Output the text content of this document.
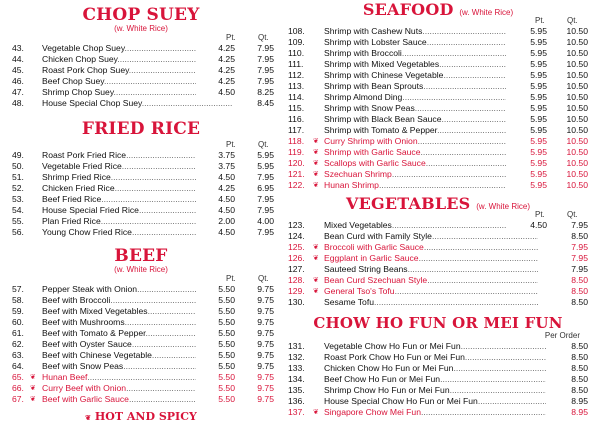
CHOP SUEY
(w. White Rice)
Pt.	Qt.
43.	Vegetable Chop Suey .....	4.25	7.95
44.	Chicken Chop Suey .....	4.25	7.95
45.	Roast Pork Chop Suey .....	4.25	7.95
46.	Beef Chop Suey .....	4.25	7.95
47.	Shrimp Chop Suey .....	4.50	8.25
48.	House Special Chop Suey .....	8.45
FRIED RICE
Pt.	Qt.
49.	Roast Pork Fried Rice .....	3.75	5.95
50.	Vegetable Fried Rice .....	3.75	5.95
51.	Shrimp Fried Rice .....	4.50	7.95
52.	Chicken Fried Rice .....	4.25	6.95
53.	Beef Fried Rice .....	4.50	7.95
54.	House Special Fried Rice .....	4.50	7.95
55.	Plan Fried Rice .....	2.00	4.00
56.	Young Chow Fried Rice .....	4.50	7.95
BEEF
(w. White Rice)
Pt.	Qt.
57.	Pepper Steak with Onion .....	5.50	9.75
58.	Beef with Broccoli .....	5.50	9.75
59.	Beef with Mixed Vegetables .....	5.50	9.75
60.	Beef with Mushrooms .....	5.50	9.75
61.	Beef with Tomato & Pepper .....	5.50	9.75
62.	Beef with Oyster Sauce .....	5.50	9.75
63.	Beef with Chinese Vegetable .....	5.50	9.75
64.	Beef with Snow Peas .....	5.50	9.75
65. ❦ Hunan Beef .....	5.50	9.75
66. ❦ Curry Beef with Onion .....	5.50	9.75
67. ❦ Beef with Garlic Sauce .....	5.50	9.75
❦ HOT AND SPICY
SEAFOOD (w. White Rice)
Pt.	Qt.
108.	Shrimp with Cashew Nuts .....	5.95	10.50
109.	Shrimp with Lobster Sauce .....	5.95	10.50
110.	Shrimp with Broccoli .....	5.95	10.50
111.	Shrimp with Mixed Vegetables .....	5.95	10.50
112.	Shrimp with Chinese Vegetable .....	5.95	10.50
113.	Shrimp with Bean Sprouts .....	5.95	10.50
114.	Shrimp Almond Ding .....	5.95	10.50
115.	Shrimp with Snow Peas .....	5.95	10.50
116.	Shrimp with Black Bean Sauce .....	5.95	10.50
117.	Shrimp with Tomato & Pepper .....	5.95	10.50
118.	❦ Curry Shrimp with Onion .....	5.95	10.50
119.	❦ Shrimp with Garlic Sauce .....	5.95	10.50
120.	❦ Scallops with Garlic Sauce .....	5.95	10.50
121.	❦ Szechuan Shrimp .....	5.95	10.50
122.	❦ Hunan Shrimp .....	5.95	10.50
VEGETABLES (w. White Rice)
Pt.	Qt.
123.	Mixed Vegetables .....	4.50	7.95
124.	Bean Curd with Family Style .....	8.50
125.	❦ Broccoli with Garlic Sauce .....	7.95
126.	❦ Eggplant in Garlic Sauce .....	7.95
127.	Sauteed String Beans .....	7.95
128.	❦ Bean Curd Szechuan Style .....	8.50
129.	❦ General Tso's Tofu .....	8.50
130.	Sesame Tofu .....	8.50
CHOW HO FUN OR MEI FUN
Per Order
131.	Vegetable Chow Ho Fun or Mei Fun .....	8.50
132.	Roast Pork Chow Ho Fun or Mei Fun .....	8.50
133.	Chicken Chow Ho Fun or Mei Fun .....	8.50
134.	Beef Chow Ho Fun or Mei Fun .....	8.50
135.	Shrimp Chow Ho Fun or Mei Fun .....	8.50
136.	House Special Chow Ho Fun or Mei Fun .....	8.95
137.	❦ Singapore Chow Mei Fun .....	8.95
